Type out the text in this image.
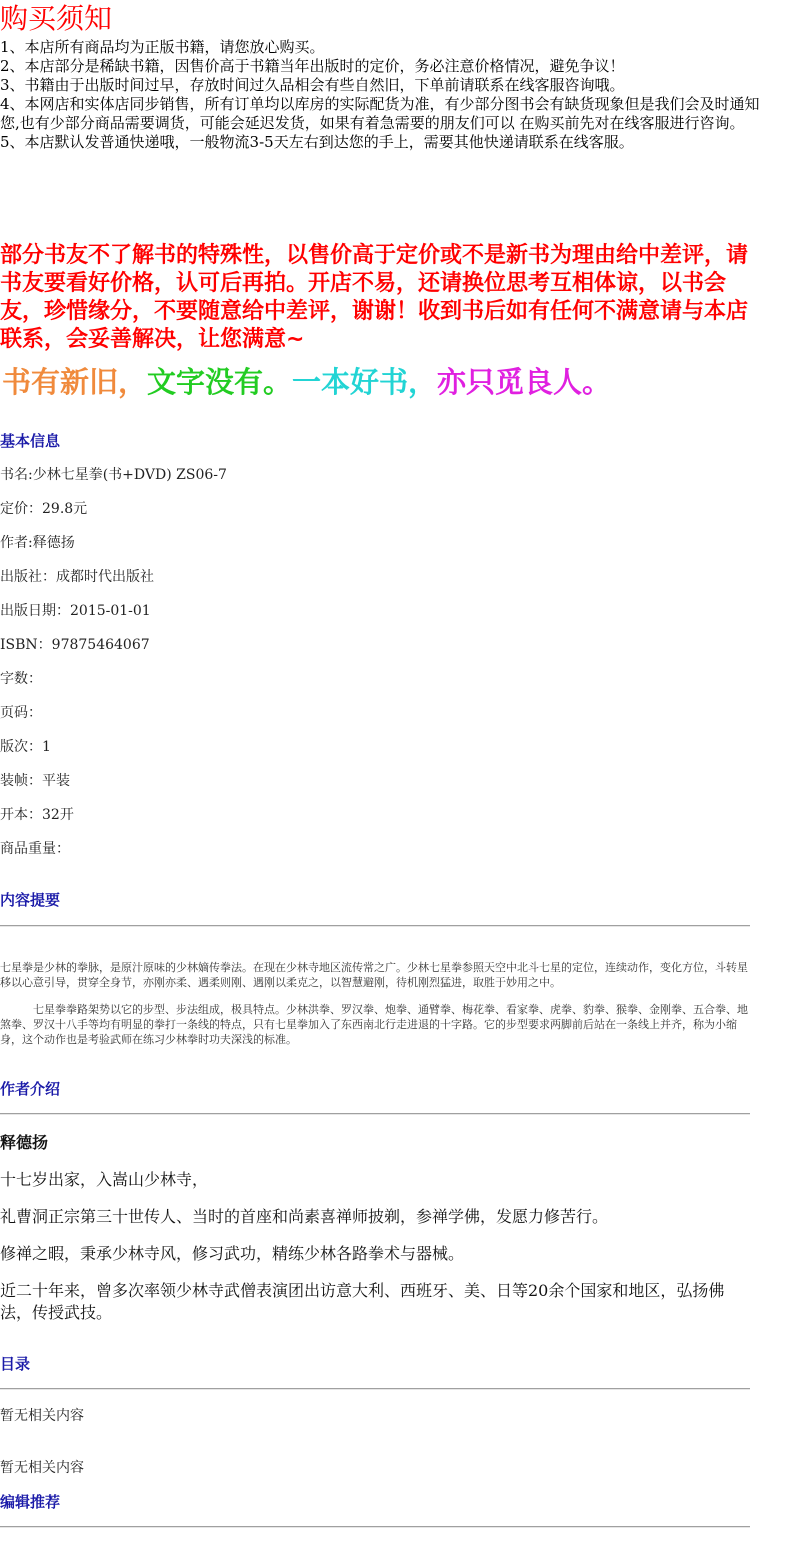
购买须知

1、本店所有商品均为正版书籍，请您放心购买。

2、本店部分是稀缺书籍，因售价高于书籍当年出版时的定价，务必注意价格情况，避免争议！

3、书籍由于出版时间过早，存放时间过久品相会有些自然旧，下单前请联系在线客服咨询哦。

4、本网店和实体店同步销售，所有订单均以库房的实际配货为准，有少部分图书会有缺货现象但是我们会及时通知您,也有少部分商品需要调货，可能会延迟发货，如果有着急需要的朋友们可以 在购买前先对在线客服进行咨询。

5、本店默认发普通快递哦，一般物流3-5天左右到达您的手上，需要其他快递请联系在线客服。

部分书友不了解书的特殊性，以售价高于定价或不是新书为理由给中差评，请书友要看好价格，认可后再拍。开店不易，还请换位思考互相体谅，以书会友，珍惜缘分，不要随意给中差评，谢谢！收到书后如有任何不满意请与本店联系，会妥善解决，让您满意~
书有新旧，文字没有。一本好书，亦只觅良人。
基本信息
书名:少林七星拳(书+DVD) ZS06-7
定价：29.8元
作者:释德扬
出版社：成都时代出版社
出版日期：2015-01-01
ISBN：97875464067
字数：
页码：
版次：1
装帧：平装
开本：32开
商品重量：
内容提要

七星拳是少林的拳脉，是原汁原味的少林嫡传拳法。在现在少林寺地区流传常之广。少林七星拳参照天空中北斗七星的定位，连续动作，变化方位，斗转星移以心意引导，贯穿全身节，亦刚亦柔、遇柔则刚、遇刚以柔克之，以智慧避刚，待机刚烈猛进，取胜于妙用之中。

七星拳拳路架势以它的步型、步法组成，极具特点。少林洪拳、罗汉拳、炮拳、通臂拳、梅花拳、看家拳、虎拳、豹拳、猴拳、金刚拳、五合拳、地煞拳、罗汉十八手等均有明显的拳打一条线的特点，只有七星拳加入了东西南北行走进退的十字路。它的步型要求两脚前后站在一条线上并齐，称为小缩身，这个动作也是考验武师在练习少林拳时功夫深浅的标准。

作者介绍
释德扬
十七岁出家，入嵩山少林寺，
礼曹洞正宗第三十世传人、当时的首座和尚素喜禅师披剃，参禅学佛，发愿力修苦行。
修禅之暇，秉承少林寺风，修习武功，精练少林各路拳术与器械。
近二十年来，曾多次率领少林寺武僧表演团出访意大利、西班牙、美、日等20余个国家和地区，弘扬佛法，传授武技。
目录
暂无相关内容
暂无相关内容
编辑推荐
